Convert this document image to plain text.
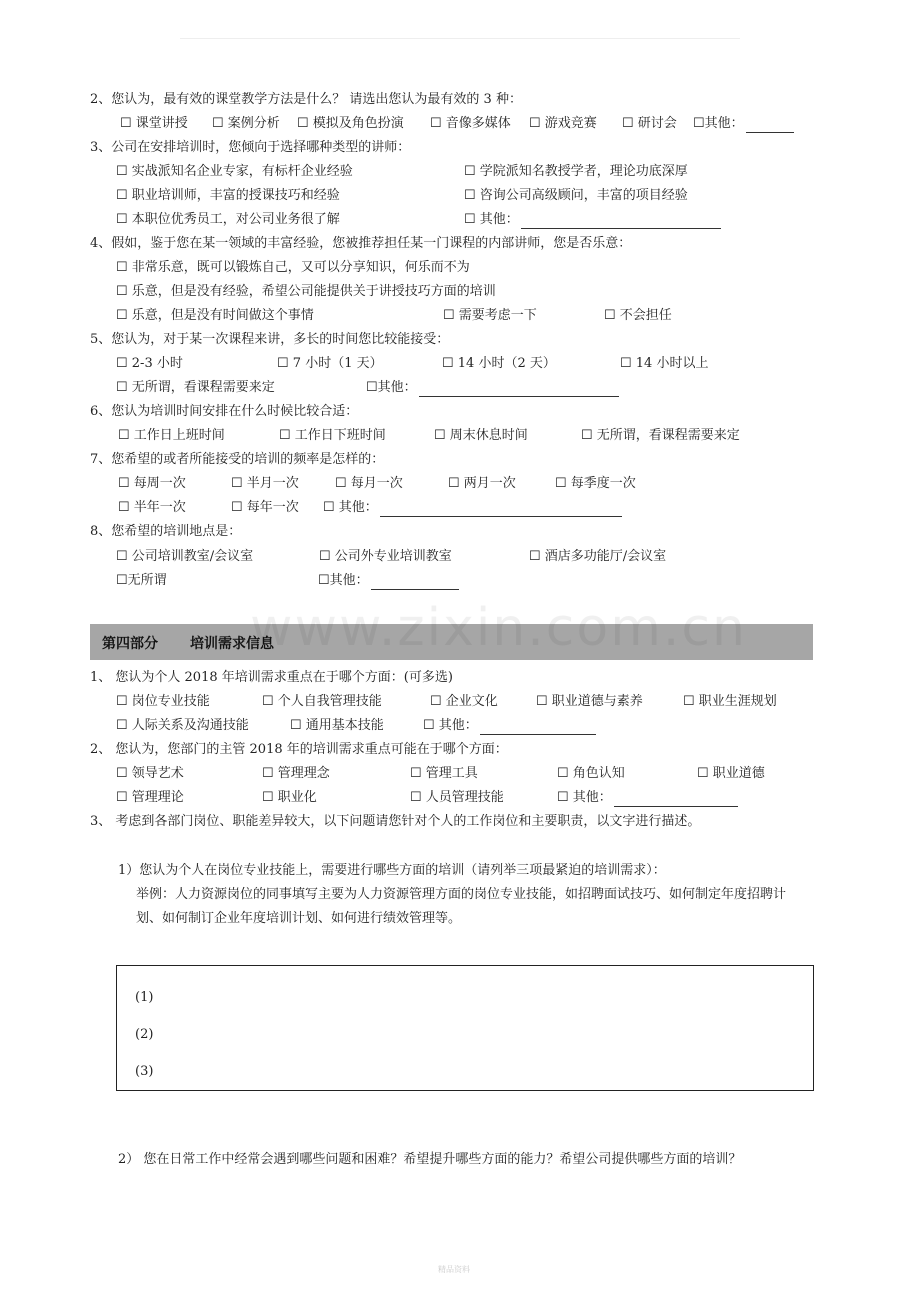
2、您认为，最有效的课堂教学方法是什么？ 请选出您认为最有效的 3 种：
☐ 课堂讲授 ☐ 案例分析 ☐ 模拟及角色扮演 ☐ 音像多媒体 ☐ 游戏竞赛 ☐ 研讨会 ☐其他：
3、公司在安排培训时，您倾向于选择哪种类型的讲师：
☐ 实战派知名企业专家，有标杆企业经验	☐ 学院派知名教授学者，理论功底深厚
☐ 职业培训师，丰富的授课技巧和经验	☐ 咨询公司高级顾问，丰富的项目经验
☐ 本职位优秀员工，对公司业务很了解	☐ 其他：
4、假如，鉴于您在某一领域的丰富经验，您被推荐担任某一门课程的内部讲师，您是否乐意：
☐ 非常乐意，既可以锻炼自己，又可以分享知识，何乐而不为
☐ 乐意，但是没有经验，希望公司能提供关于讲授技巧方面的培训
☐ 乐意，但是没有时间做这个事情	☐ 需要考虑一下	☐ 不会担任
5、您认为，对于某一次课程来讲，多长的时间您比较能接受：
☐ 2-3 小时	☐ 7 小时（1 天）	☐ 14 小时（2 天）	☐ 14 小时以上
☐ 无所谓，看课程需要来定	☐其他：
6、您认为培训时间安排在什么时候比较合适：
☐ 工作日上班时间	☐ 工作日下班时间	☐ 周末休息时间	☐ 无所谓，看课程需要来定
7、您希望的或者所能接受的培训的频率是怎样的：
☐ 每周一次	☐ 半月一次	☐ 每月一次	☐ 两月一次	☐ 每季度一次
☐ 半年一次	☐ 每年一次 ☐ 其他：
8、您希望的培训地点是：
☐ 公司培训教室/会议室	☐ 公司外专业培训教室	☐ 酒店多功能厅/会议室
☐无所谓	☐其他：
第四部分 培训需求信息
www.zixin.com.cn
1、 您认为个人 2018 年培训需求重点在于哪个方面：(可多选)
☐ 岗位专业技能	☐ 个人自我管理技能	☐ 企业文化	☐ 职业道德与素养	☐ 职业生涯规划
☐ 人际关系及沟通技能	☐ 通用基本技能	☐ 其他：
2、 您认为，您部门的主管 2018 年的培训需求重点可能在于哪个方面：
☐ 领导艺术	☐ 管理理念	☐ 管理工具	☐ 角色认知	☐ 职业道德
☐ 管理理论	☐ 职业化	☐ 人员管理技能	☐ 其他：
3、 考虑到各部门岗位、职能差异较大，以下问题请您针对个人的工作岗位和主要职责，以文字进行描述。
1）您认为个人在岗位专业技能上，需要进行哪些方面的培训（请列举三项最紧迫的培训需求）：
举例：人力资源岗位的同事填写主要为人力资源管理方面的岗位专业技能，如招聘面试技巧、如何制定年度招聘计
划、如何制订企业年度培训计划、如何进行绩效管理等。
(1)
(2)
(3)
2） 您在日常工作中经常会遇到哪些问题和困难？希望提升哪些方面的能力？希望公司提供哪些方面的培训？
精品资料
